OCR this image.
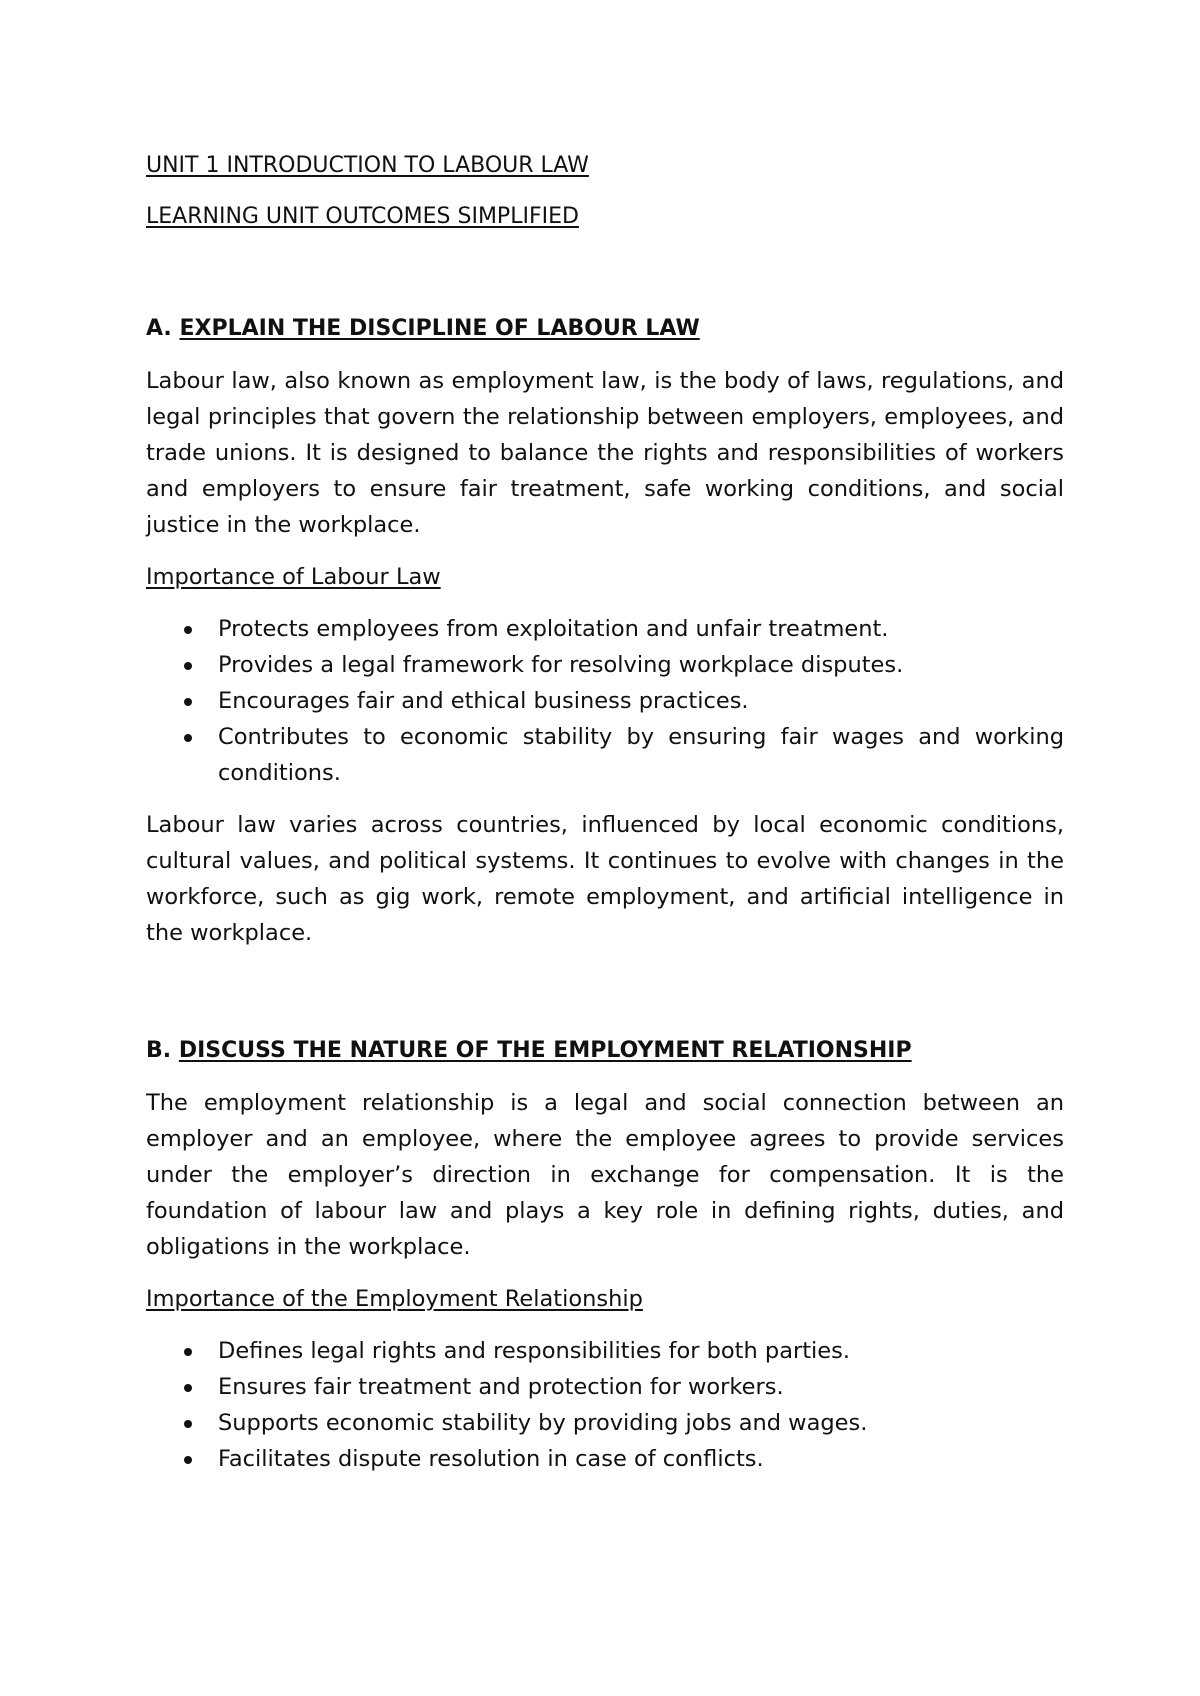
UNIT 1 INTRODUCTION TO LABOUR LAW
LEARNING UNIT OUTCOMES SIMPLIFIED
A. EXPLAIN THE DISCIPLINE OF LABOUR LAW

Labour law, also known as employment law, is the body of laws, regulations, and legal principles that govern the relationship between employers, employees, and trade unions. It is designed to balance the rights and responsibilities of workers and employers to ensure fair treatment, safe working conditions, and social justice in the workplace.

Importance of Labour Law
Protects employees from exploitation and unfair treatment.
Provides a legal framework for resolving workplace disputes.
Encourages fair and ethical business practices.
Contributes to economic stability by ensuring fair wages and working conditions.

Labour law varies across countries, influenced by local economic conditions, cultural values, and political systems. It continues to evolve with changes in the workforce, such as gig work, remote employment, and artificial intelligence in the workplace.

B. DISCUSS THE NATURE OF THE EMPLOYMENT RELATIONSHIP

The employment relationship is a legal and social connection between an employer and an employee, where the employee agrees to provide services under the employer’s direction in exchange for compensation. It is the foundation of labour law and plays a key role in defining rights, duties, and obligations in the workplace.

Importance of the Employment Relationship
Defines legal rights and responsibilities for both parties.
Ensures fair treatment and protection for workers.
Supports economic stability by providing jobs and wages.
Facilitates dispute resolution in case of conflicts.
